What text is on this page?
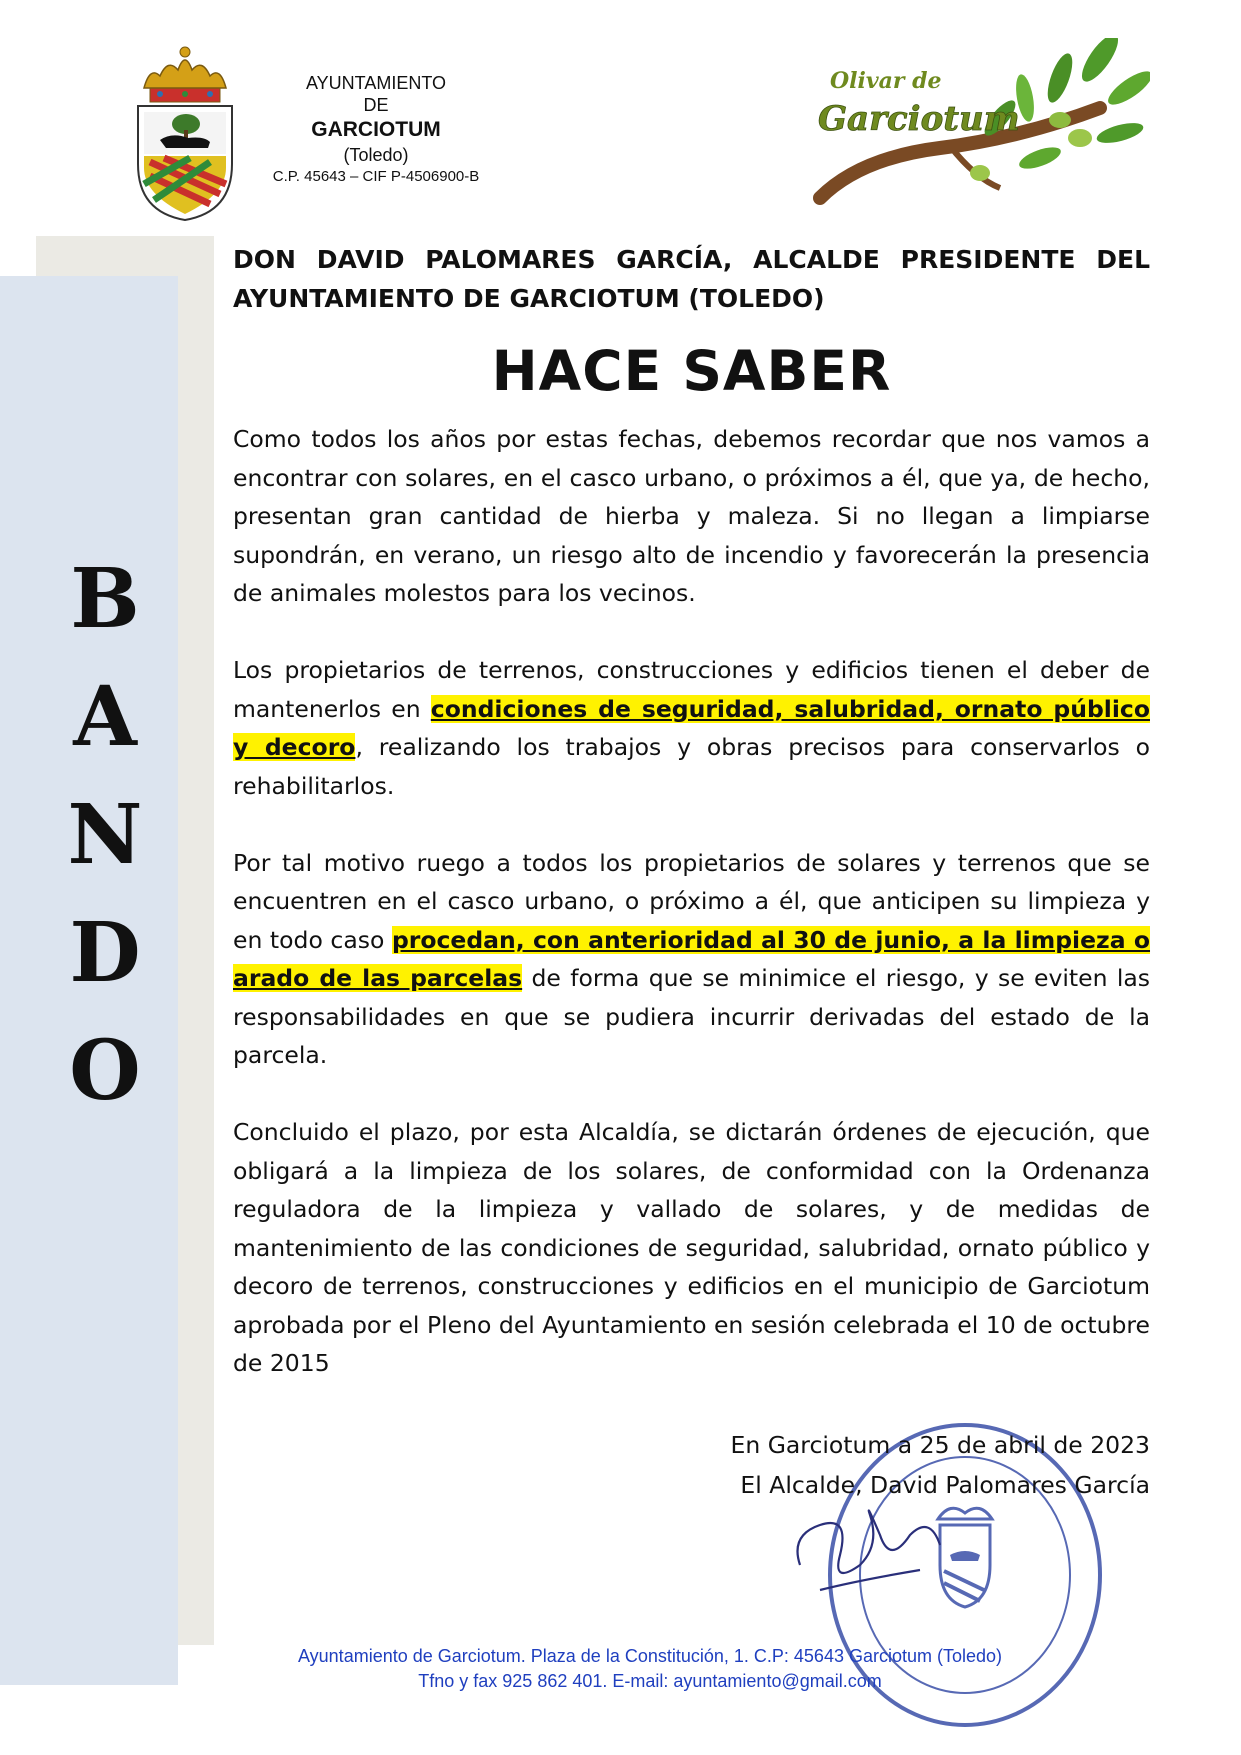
B
A
N
D
O
AYUNTAMIENTO
DE
GARCIOTUM
(Toledo)
C.P. 45643 – CIF P-4506900-B
Olivar de
Garciotum

DON DAVID PALOMARES GARCÍA, ALCALDE PRESIDENTE DEL AYUNTAMIENTO DE GARCIOTUM (TOLEDO)

HACE SABER

Como todos los años por estas fechas, debemos recordar que nos vamos a encontrar con solares, en el casco urbano, o próximos a él, que ya, de hecho, presentan gran cantidad de hierba y maleza. Si no llegan a limpiarse supondrán, en verano, un riesgo alto de incendio y favorecerán la presencia de animales molestos para los vecinos.

Los propietarios de terrenos, construcciones y edificios tienen el deber de mantenerlos en condiciones de seguridad, salubridad, ornato público y decoro, realizando los trabajos y obras precisos para conservarlos o rehabilitarlos.

Por tal motivo ruego a todos los propietarios de solares y terrenos que se encuentren en el casco urbano, o próximo a él, que anticipen su limpieza y en todo caso procedan, con anterioridad al 30 de junio, a la limpieza o arado de las parcelas de forma que se minimice el riesgo, y se eviten las responsabilidades en que se pudiera incurrir derivadas del estado de la parcela.

Concluido el plazo, por esta Alcaldía, se dictarán órdenes de ejecución, que obligará a la limpieza de los solares, de conformidad con la Ordenanza reguladora de la limpieza y vallado de solares, y de medidas de mantenimiento de las condiciones de seguridad, salubridad, ornato público y decoro de terrenos, construcciones y edificios en el municipio de Garciotum aprobada por el Pleno del Ayuntamiento en sesión celebrada el 10 de octubre de 2015

En Garciotum a 25 de abril de 2023
El Alcalde, David Palomares García
Ayuntamiento de Garciotum. Plaza de la Constitución, 1. C.P: 45643 Garciotum (Toledo)
Tfno y fax 925 862 401. E-mail: ayuntamiento@gmail.com
